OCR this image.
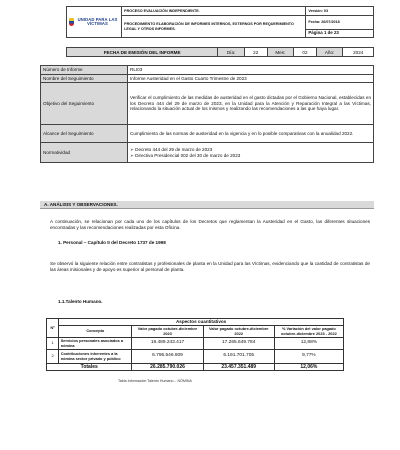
UNIDAD PARA LAS VÍCTIMAS	PROCESO EVALUACIÓN INDEPENDIENTE.	Versión: 03
	PROCEDIMIENTO ELABORACIÓN DE INFORMES INTERNOS, EXTERNOS POR REQUERIMIENTO LEGAL Y OTROS INFORMES.	Fecha: 26/07/2018
		Página 1 de 23
FECHA DE EMISIÓN DEL INFORME	Día:	22	Mes:	02	Año:	2024
Número de Informe	RLI03
Nombre del Seguimiento	Informe Austeridad en el Gasto Cuarto Trimestre de 2023
Objetivo del Seguimiento	Verificar el cumplimiento de las medidas de austeridad en el gasto dictadas por el Gobierno Nacional, establecidas en los Decreto 444 del 29 de marzo de 2023, en la Unidad para la Atención y Reparación Integral a las Víctimas, relacionando la situación actual de los mismos y realizando las recomendaciones a las que haya lugar.
Alcance del Seguimiento	Cumplimiento de las normas de austeridad en la vigencia y en lo posible comparativas con la anualidad 2022.
Normatividad	➢ Decreto 444 del 29 de marzo de 2023
➢ Directiva Presidencial 002 del 30 de marzo de 2023
A. ANÁLISIS Y OBSERVACIONES.
A continuación, se relacionan por cada uno de los capítulos de los Decretos que reglamentan la Austeridad en el Gasto, las diferentes situaciones encontradas y las recomendaciones realizadas por esta Oficina.
1. Personal – Capítulo II del Decreto 1737 de 1998
Se observó la siguiente relación entre contratistas y profesionales de planta en la Unidad para las Víctimas, evidenciando que la cantidad de contratistas de las áreas misionales y de apoyo es superior al personal de planta.
1.1.Talento Humano.
Nº	Aspectos cuantitativos			
	Concepto	Valor pagado octubre-diciembre 2023	Valor pagado octubre-diciembre 2022	% Variación del valor pagado octubre-diciembre 2023 - 2022
1	Servicios personales asociados a nómina	19.489.243.417	17.265.649.784	12,88%
2	Contribuciones inherentes a la nómina sector privado y público	6.796.546.609	6.191.701.705	9,77%
Totales		26.285.790.026	23.457.351.489	12,06%
Tabla Información Talento Humano – NÓMINA
